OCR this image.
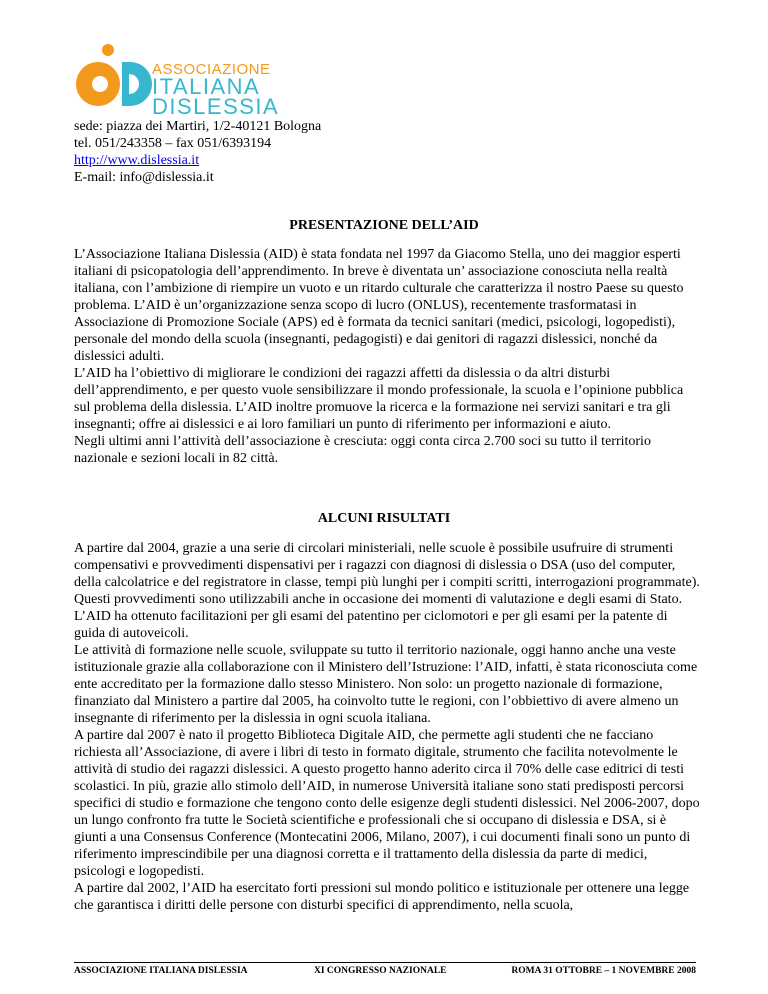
ASSOCIAZIONE
ITALIANA
DISLESSIA
sede: piazza dei Martiri, 1/2-40121 Bologna
tel. 051/243358 – fax 051/6393194
http://www.dislessia.it
E-mail: info@dislessia.it
PRESENTAZIONE DELL’AID

L’Associazione Italiana Dislessia (AID) è stata fondata nel 1997 da Giacomo Stella, uno dei maggior esperti italiani di psicopatologia dell’apprendimento. In breve è diventata un’ associazione conosciuta nella realtà italiana, con l’ambizione di riempire un vuoto e un ritardo culturale che caratterizza il nostro Paese su questo problema. L’AID è un’organizzazione senza scopo di lucro (ONLUS), recentemente trasformatasi in Associazione di Promozione Sociale (APS) ed è formata da tecnici sanitari (medici, psicologi, logopedisti), personale del mondo della scuola (insegnanti, pedagogisti) e dai genitori di ragazzi dislessici, nonché da dislessici adulti.

L’AID ha l’obiettivo di migliorare le condizioni dei ragazzi affetti da dislessia o da altri disturbi dell’apprendimento, e per questo vuole sensibilizzare il mondo professionale, la scuola e l’opinione pubblica sul problema della dislessia. L’AID inoltre promuove la ricerca e la formazione nei servizi sanitari e tra gli insegnanti; offre ai dislessici e ai loro familiari un punto di riferimento per informazioni e aiuto.

Negli ultimi anni l’attività dell’associazione è cresciuta: oggi conta circa 2.700 soci su tutto il territorio nazionale e sezioni locali in 82 città.

ALCUNI RISULTATI

A partire dal 2004, grazie a una serie di circolari ministeriali, nelle scuole è possibile usufruire di strumenti compensativi e provvedimenti dispensativi per i ragazzi con diagnosi di dislessia o DSA (uso del computer, della calcolatrice e del registratore in classe, tempi più lunghi per i compiti scritti, interrogazioni programmate). Questi provvedimenti sono utilizzabili anche in occasione dei momenti di valutazione e degli esami di Stato.

L’AID ha ottenuto facilitazioni per gli esami del patentino per ciclomotori e per gli esami per la patente di guida di autoveicoli.

Le attività di formazione nelle scuole, sviluppate su tutto il territorio nazionale, oggi hanno anche una veste istituzionale grazie alla collaborazione con il Ministero dell’Istruzione: l’AID, infatti, è stata riconosciuta come ente accreditato per la formazione dallo stesso Ministero. Non solo: un progetto nazionale di formazione, finanziato dal Ministero a partire dal 2005, ha coinvolto tutte le regioni, con l’obbiettivo di avere almeno un insegnante di riferimento per la dislessia in ogni scuola italiana.

A partire dal 2007 è nato il progetto Biblioteca Digitale AID, che permette agli studenti che ne facciano richiesta all’Associazione, di avere i libri di testo in formato digitale, strumento che facilita notevolmente le attività di studio dei ragazzi dislessici. A questo progetto hanno aderito circa il 70% delle case editrici di testi scolastici. In più, grazie allo stimolo dell’AID, in numerose Università italiane sono stati predisposti percorsi specifici di studio e formazione che tengono conto delle esigenze degli studenti dislessici. Nel 2006-2007, dopo un lungo confronto fra tutte le Società scientifiche e professionali che si occupano di dislessia e DSA, si è giunti a una Consensus Conference (Montecatini 2006, Milano, 2007), i cui documenti finali sono un punto di riferimento imprescindibile per una diagnosi corretta e il trattamento della dislessia da parte di medici, psicologi e logopedisti.

A partire dal 2002, l’AID ha esercitato forti pressioni sul mondo politico e istituzionale per ottenere una legge che garantisca i diritti delle persone con disturbi specifici di apprendimento, nella scuola,

ASSOCIAZIONE ITALIANA DISLESSIA	XI CONGRESSO NAZIONALE	ROMA 31 OTTOBRE – 1 NOVEMBRE 2008
